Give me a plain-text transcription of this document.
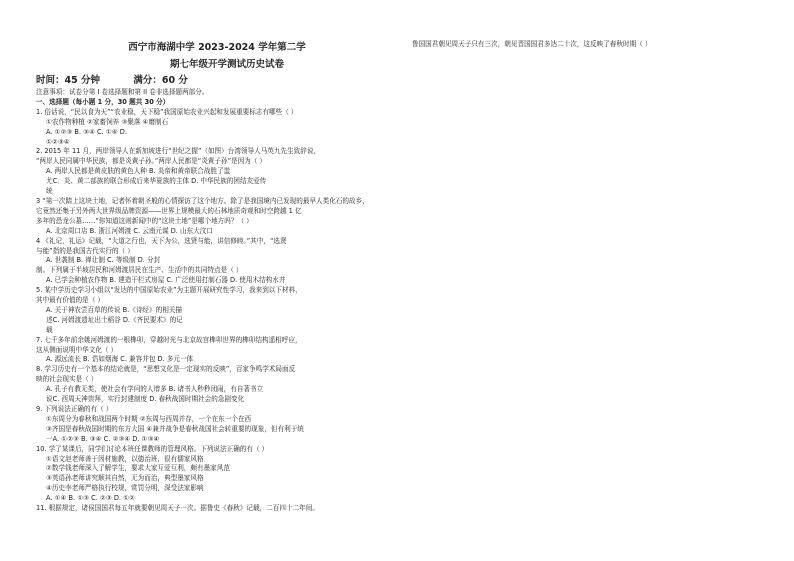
西宁市海湖中学 2023-2024 学年第二学
期七年级开学测试历史试卷
时间：45 分钟	满分：60 分
注意事项：试卷分第 I 卷选择题和第 II 卷非选择题两部分。
一、选择题（每小题 1 分，30 题共 30 分）
1. 俗话说，“民以食为天”“农业稳，天下稳”我国原始农业兴起和发展重要标志有哪些（ ）
①农作物种植 ②家畜饲养 ③聚落 ④磨制石
A. ①②③ B. ③④ C. ①④ D.
①②③④
2. 2015 年 11 月，两岸领导人在新加坡进行“世纪之握”（如图）台湾领导人马英九先生致辞说，
“两岸人民同属中华民族，都是炎黄子孙。”两岸人民都是“炎黄子孙”是因为（ ）
A. 两岸人民都是黄皮肤的黄色人种 B. 炎帝和黄帝联合战胜了蚩
尤C．炎、黄二部族的联合形成后来华夏族的主体 D. 中华民族的团结友爱传
统
3 “第一次踏上这块土地，记者怀着朝圣般的心情探访了这个地方。除了是我国境内已发现的最早人类化石的故乡，
它竟然还集于另外两大世界级品牌资源——世界上规模最大的石林地质奇观和时空跨越 1 亿
多年的恐龙公墓……”你知道这则新闻中的“这块土地”是哪个地方吗？（ ）
A. 北京周口店 B. 浙江河姆渡 C. 云南元谋 D. 山东大汶口
4 《礼记，礼运》记载，“大道之行也，天下为公，选贤与能，讲信修睦。”其中，“选贤
与能”指的是我国古代实行的（ ）
A. 世袭制 B. 禅让制 C. 等级制 D. 分封
制。下列属于半坡居民和河姆渡居民在生产、生活中的共同特点是（ ）
A. 已学会种植农作物 B. 建造干栏式房屋 C. 广泛使用打制石器 D. 使用木结构水井
5. 某中学历史学习小组以“发达的中国原始农业”为主题开展研究性学习，我来到以下材料，
其中最有价值的是（ ）
A. 关于神农尝百草的传说 B.《诗经》的相关描
述C. 河姆渡遗址出土稻谷 D.《齐民要术》的记
载
7. 七千多年前余姚河姆渡的一根榫卯，穿越时光与北京故宫榫卯世界的榫卯结构遥相呼应，
这从侧面说明中华文化（ ）
A. 源远流长 B. 诰如烟海 C. 兼容并包 D. 多元一体
8. 学习历史有一个基本的结论就是，“思想文化是一定现实的反映”，百家争鸣学术局面反
映的社会现实是（ ）
A. 孔子有教无类，使社会有学问的人增多 B. 诸书人秒秒闭闹，有自著书立
说C. 西周天神崇拜，实行封建制度 D. 春秋战国时期社会的急剧变化
9. 下列说法正确的有（ ）
①东周分为春秋和战国两个时期 ②东周与西周并存，一个在东一个在西
③齐国是春秋战国时期的东方大国 ④兼并战争是春秋战国社会转重要的现象，但有利于统
一A. ①②③ B. ③④ C. ②③④ D. ①③④
10. 学了某课后，同学们讨论本班任课教师的管理风格。下列说法正确的有（ ）
①语文赵老师善于因材施教，以德治班，很有儒家风格
②数学钱老师深入了解学生，要求大家互爱互利，颇有墨家风范
③英语孙老师讲究顺其自然，无为而治，典型墨家风格
④历史李老师严格执行校规，赏罚分明，深受法家影响
A. ①④ B. ①③ C. ②③ D. ①②
11. 根据规定，诸侯国国君每五年就要朝见周天子一次。据鲁史《春秋》记载，二百四十二年间。
鲁国国君朝见周天子只有三次，朝见晋国国君多达二十次，这反映了春秋时期（ ）
